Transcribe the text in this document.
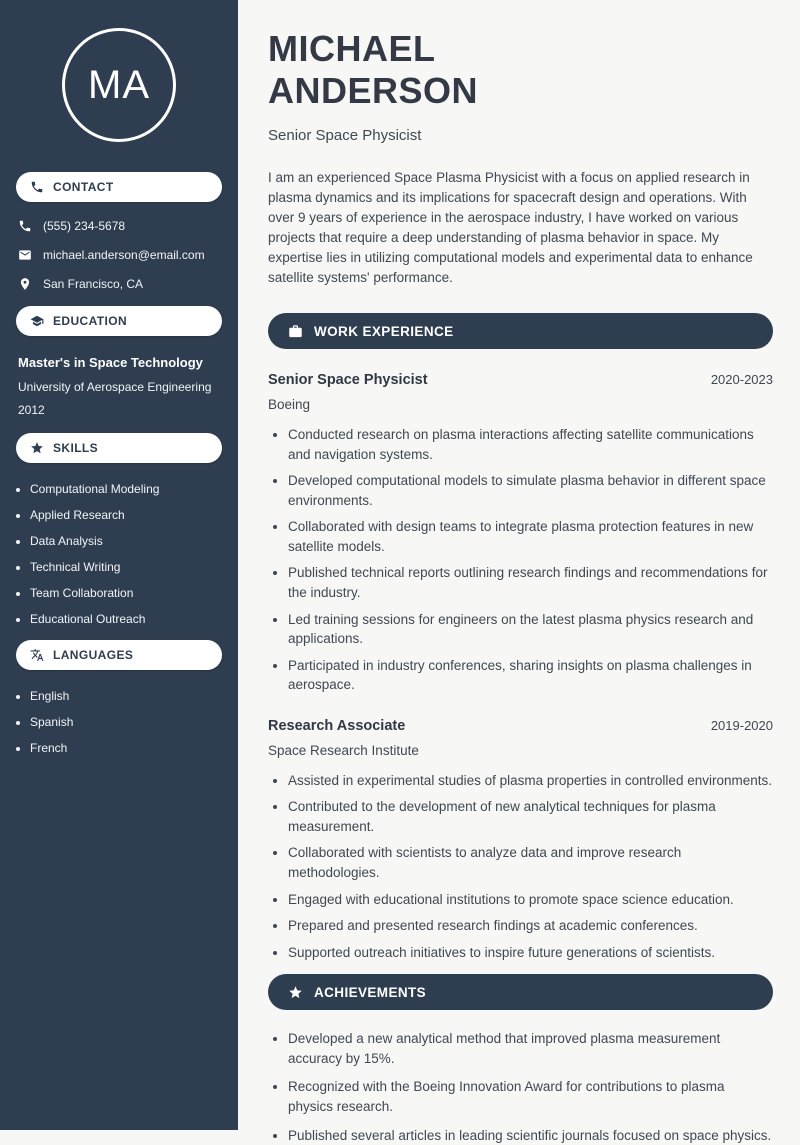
MA
CONTACT
(555) 234-5678
michael.anderson@email.com
San Francisco, CA
EDUCATION
Master's in Space Technology
University of Aerospace Engineering
2012
SKILLS
• Computational Modeling
• Applied Research
• Data Analysis
• Technical Writing
• Team Collaboration
• Educational Outreach
LANGUAGES
• English
• Spanish
• French
MICHAEL
ANDERSON
Senior Space Physicist

I am an experienced Space Plasma Physicist with a focus on applied research in plasma dynamics and its implications for spacecraft design and operations. With over 9 years of experience in the aerospace industry, I have worked on various projects that require a deep understanding of plasma behavior in space. My expertise lies in utilizing computational models and experimental data to enhance satellite systems' performance.

WORK EXPERIENCE
Senior Space Physicist	2020-2023
Boeing
• Conducted research on plasma interactions affecting satellite communications and navigation systems.
• Developed computational models to simulate plasma behavior in different space environments.
• Collaborated with design teams to integrate plasma protection features in new satellite models.
• Published technical reports outlining research findings and recommendations for the industry.
• Led training sessions for engineers on the latest plasma physics research and applications.
• Participated in industry conferences, sharing insights on plasma challenges in aerospace.
Research Associate	2019-2020
Space Research Institute
• Assisted in experimental studies of plasma properties in controlled environments.
• Contributed to the development of new analytical techniques for plasma measurement.
• Collaborated with scientists to analyze data and improve research methodologies.
• Engaged with educational institutions to promote space science education.
• Prepared and presented research findings at academic conferences.
• Supported outreach initiatives to inspire future generations of scientists.
ACHIEVEMENTS
• Developed a new analytical method that improved plasma measurement accuracy by 15%.
• Recognized with the Boeing Innovation Award for contributions to plasma physics research.
• Published several articles in leading scientific journals focused on space physics.
